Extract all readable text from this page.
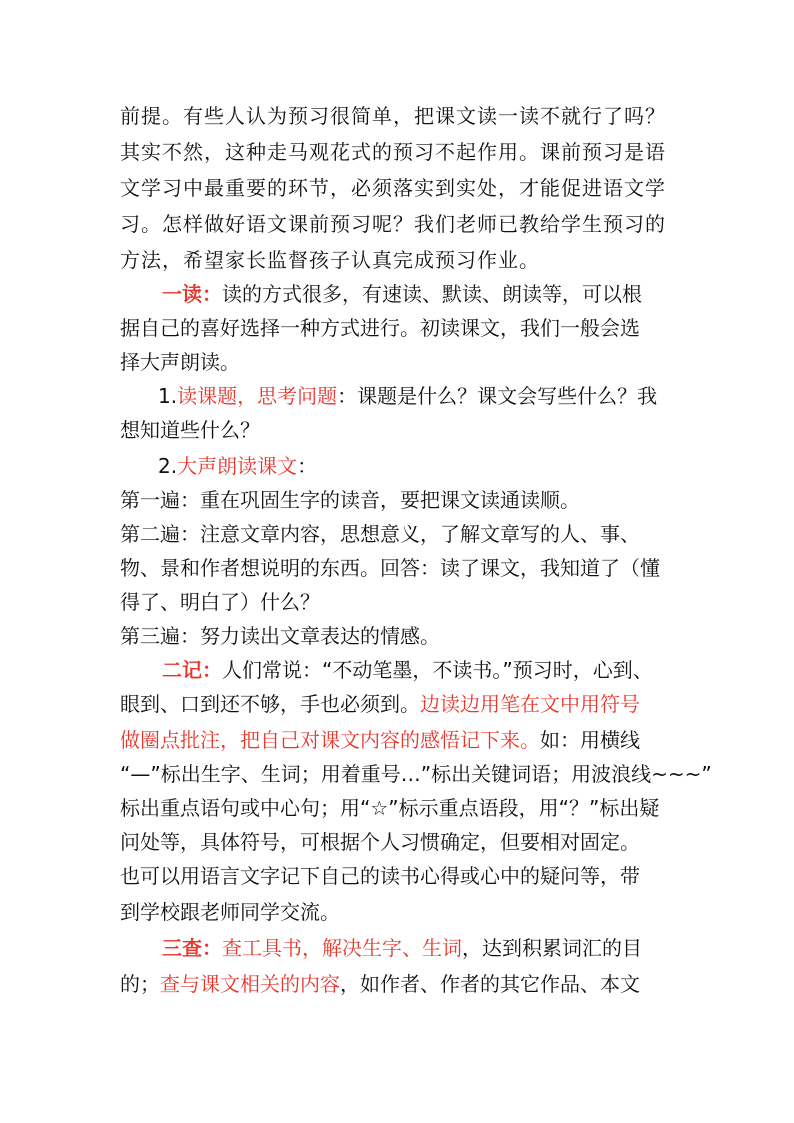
前提。有些人认为预习很简单，把课文读一读不就行了吗？
其实不然，这种走马观花式的预习不起作用。课前预习是语
文学习中最重要的环节，必须落实到实处，才能促进语文学
习。怎样做好语文课前预习呢？我们老师已教给学生预习的
方法，希望家长监督孩子认真完成预习作业。
一读：读的方式很多，有速读、默读、朗读等，可以根
据自己的喜好选择一种方式进行。初读课文，我们一般会选
择大声朗读。
1.读课题，思考问题：课题是什么？课文会写些什么？我
想知道些什么？
2.大声朗读课文：
第一遍：重在巩固生字的读音，要把课文读通读顺。
第二遍：注意文章内容，思想意义，了解文章写的人、事、
物、景和作者想说明的东西。回答：读了课文，我知道了（懂
得了、明白了）什么？
第三遍：努力读出文章表达的情感。
二记：人们常说：“不动笔墨，不读书。”预习时，心到、
眼到、口到还不够，手也必须到。边读边用笔在文中用符号
做圈点批注，把自己对课文内容的感悟记下来。如：用横线
“—”标出生字、生词；用着重号…”标出关键词语；用波浪线~~~”
标出重点语句或中心句；用“☆”标示重点语段，用“？”标出疑
问处等，具体符号，可根据个人习惯确定，但要相对固定。
也可以用语言文字记下自己的读书心得或心中的疑问等，带
到学校跟老师同学交流。
三查：查工具书，解决生字、生词，达到积累词汇的目
的；查与课文相关的内容，如作者、作者的其它作品、本文
